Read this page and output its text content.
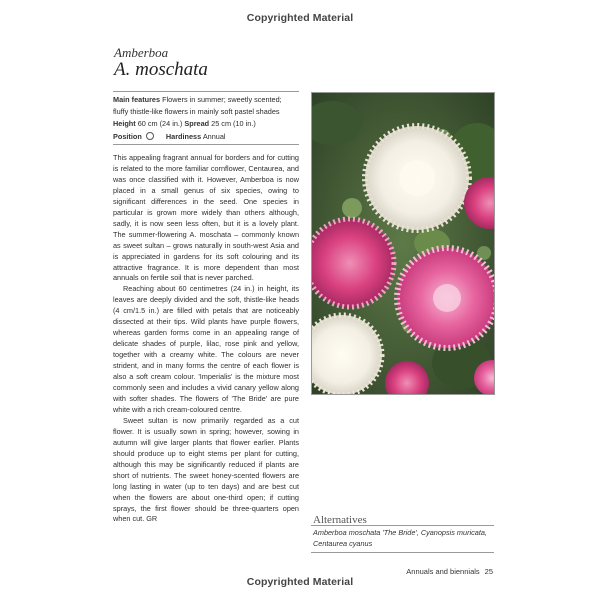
Copyrighted Material
Amberboa
A. moschata
Main features Flowers in summer; sweetly scented;
fluffy thistle-like flowers in mainly soft pastel shades
Height 60 cm (24 in.) Spread 25 cm (10 in.)
Position	Hardiness Annual

This appealing fragrant annual for borders and for cutting is related to the more familiar cornflower, Centaurea, and was once classified with it. However, Amberboa is now placed in a small genus of six species, owing to significant differences in the seed. One species in particular is grown more widely than others although, sadly, it is now seen less often, but it is a lovely plant. The summer-flowering A. moschata – commonly known as sweet sultan – grows naturally in south-west Asia and is appreciated in gardens for its soft colouring and its attractive fragrance. It is more dependent than most annuals on fertile soil that is never parched.

Reaching about 60 centimetres (24 in.) in height, its leaves are deeply divided and the soft, thistle-like heads (4 cm/1.5 in.) are filled with petals that are noticeably dissected at their tips. Wild plants have purple flowers, whereas garden forms come in an appealing range of delicate shades of purple, lilac, rose pink and yellow, together with a creamy white. The colours are never strident, and in many forms the centre of each flower is also a soft cream colour. 'Imperialis' is the mixture most commonly seen and includes a vivid canary yellow along with softer shades. The flowers of 'The Bride' are pure white with a rich cream-coloured centre.

Sweet sultan is now primarily regarded as a cut flower. It is usually sown in spring; however, sowing in autumn will give larger plants that flower earlier. Plants should produce up to eight stems per plant for cutting, although this may be significantly reduced if plants are short of nutrients. The sweet honey-scented flowers are long lasting in water (up to ten days) and are best cut when the flowers are about one-third open; if cutting sprays, the first flower should be three-quarters open when cut. GR	Alternatives
Amberboa moschata 'The Bride', Cyanopsis muricata, Centaurea cyanus
Annuals and biennials 25
Copyrighted Material
